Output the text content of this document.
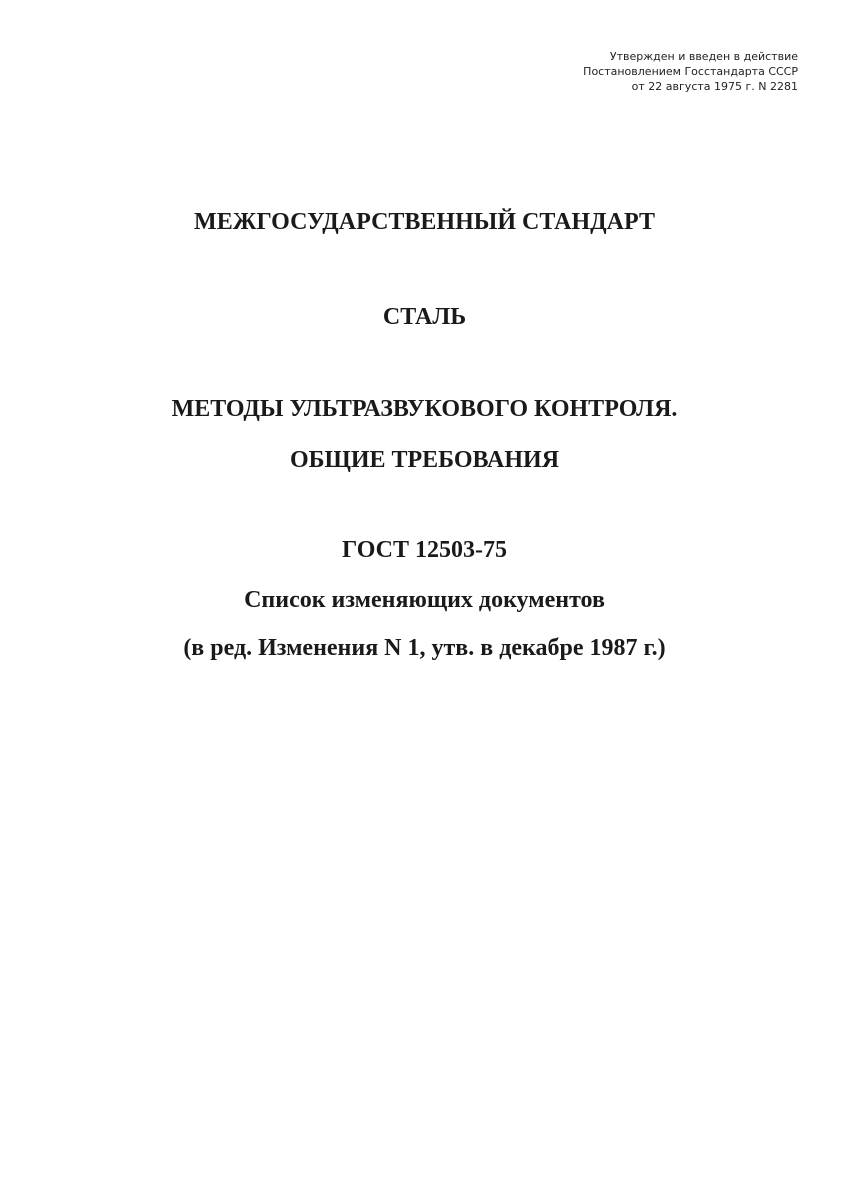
Утвержден и введен в действие
Постановлением Госстандарта СССР
от 22 августа 1975 г. N 2281
МЕЖГОСУДАРСТВЕННЫЙ СТАНДАРТ
СТАЛЬ
МЕТОДЫ УЛЬТРАЗВУКОВОГО КОНТРОЛЯ.
ОБЩИЕ ТРЕБОВАНИЯ
ГОСТ 12503-75
Список изменяющих документов
(в ред. Изменения N 1, утв. в декабре 1987 г.)
